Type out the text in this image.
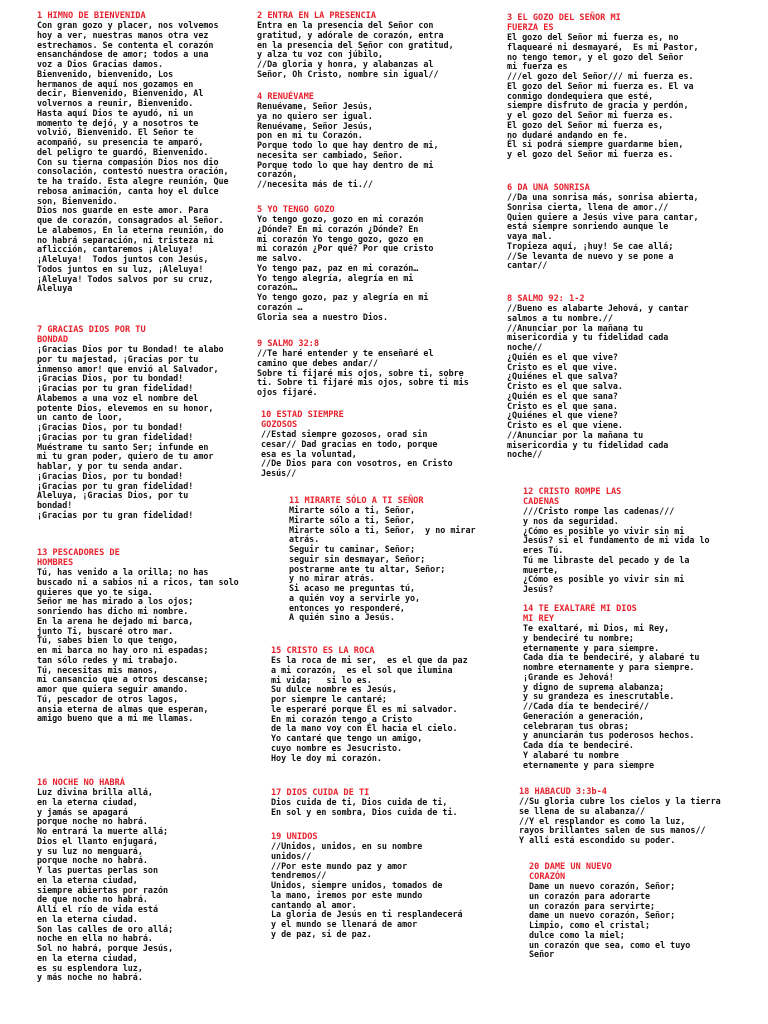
1 HIMNO DE BIENVENIDA
Con gran gozo y placer, nos volvemos
hoy a ver, nuestras manos otra vez
estrechamos. Se contenta el corazón
ensanchándose de amor; todos a una
voz a Dios Gracias damos.
Bienvenido, bienvenido, Los
hermanos de aquí nos gozamos en
decir, Bienvenido, Bienvenido, Al
volvernos a reunir, Bienvenido.
Hasta aquí Dios te ayudó, ni un
momento te dejó, y a nosotros te
volvió, Bienvenido. El Señor te
acompañó, su presencia te amparó,
del peligro te guardó, Bienvenido.
Con su tierna compasión Dios nos dio
consolación, contestó nuestra oración,
te ha traído. Esta alegre reunión, Que
rebosa animación, canta hoy el dulce
son, Bienvenido.
Dios nos guarde en este amor. Para
que de corazón, consagrados al Señor.
Le alabemos, En la eterna reunión, do
no habrá separación, ni tristeza ni
aflicción, cantaremos ¡Aleluya!
¡Aleluya!  Todos juntos con Jesús,
Todos juntos en su luz, ¡Aleluya!
¡Aleluya! Todos salvos por su cruz,
Aleluya
7 GRACIAS DIOS POR TU
BONDAD
¡Gracias Dios por tu Bondad! te alabo
por tu majestad, ¡Gracias por tu
inmenso amor! que envió al Salvador,
¡Gracias Dios, por tu bondad!
¡Gracias por tu gran fidelidad!
Alabemos a una voz el nombre del
potente Dios, elevemos en su honor,
un canto de loor,
¡Gracias Dios, por tu bondad!
¡Gracias por tu gran fidelidad!
Muéstrame tu santo Ser; infunde en
mi tu gran poder, quiero de tu amor
hablar, y por tu senda andar.
¡Gracias Dios, por tu bondad!
¡Gracias por tu gran fidelidad!
Aleluya, ¡Gracias Dios, por tu
bondad!
¡Gracias por tu gran fidelidad!
13 PESCADORES DE
HOMBRES
Tú, has venido a la orilla; no has
buscado ni a sabios ni a ricos, tan solo
quieres que yo te siga.
Señor me has mirado a los ojos;
sonriendo has dicho mi nombre.
En la arena he dejado mi barca,
junto Ti, buscaré otro mar.
Tú, sabes bien lo que tengo,
en mi barca no hay oro ni espadas;
tan sólo redes y mi trabajo.
Tú, necesitas mis manos,
mi cansancio que a otros descanse;
amor que quiera seguir amando.
Tú, pescador de otros lagos,
ansia eterna de almas que esperan,
amigo bueno que a mi me llamas.
16 NOCHE NO HABRÁ
Luz divina brilla allá,
en la eterna ciudad,
y jamás se apagará
porque noche no habrá.
No entrará la muerte allá;
Dios el llanto enjugará,
y su luz no menguará,
porque noche no habrá.
Y las puertas perlas son
en la eterna ciudad,
siempre abiertas por razón
de que noche no habrá.
Allí el río de vida está
en la eterna ciudad.
Son las calles de oro allá;
noche en ella no habrá.
Sol no habrá, porque Jesús,
en la eterna ciudad,
es su esplendora luz,
y más noche no habrá.
2 ENTRA EN LA PRESENCIA
Entra en la presencia del Señor con
gratitud, y adórale de corazón, entra
en la presencia del Señor con gratitud,
y alza tu voz con júbilo,
//Da gloria y honra, y alabanzas al
Señor, Oh Cristo, nombre sin igual//
4 RENUÉVAME
Renuévame, Señor Jesús,
ya no quiero ser igual.
Renuévame, Señor Jesús,
pon en mi tu Corazón.
Porque todo lo que hay dentro de mi,
necesita ser cambiado, Señor.
Porque todo lo que hay dentro de mi
corazón,
//necesita más de ti.//
5 YO TENGO GOZO
Yo tengo gozo, gozo en mi corazón
¿Dónde? En mi corazón ¿Dónde? En
mi corazón Yo tengo gozo, gozo en
mi corazón ¿Por qué? Por que cristo
me salvo.
Yo tengo paz, paz en mi corazón…
Yo tengo alegría, alegría en mi
corazón…
Yo tengo gozo, paz y alegría en mi
corazón …
Gloria sea a nuestro Dios.
9 SALMO 32:8
//Te haré entender y te enseñaré el
camino que debes andar//
Sobre ti fijaré mis ojos, sobre ti, sobre
ti. Sobre ti fijaré mis ojos, sobre ti mis
ojos fijaré.
10 ESTAD SIEMPRE
GOZOSOS
//Estad siempre gozosos, orad sin
cesar// Dad gracias en todo, porque
esa es la voluntad,
//De Dios para con vosotros, en Cristo
Jesús//
11 MIRARTE SÓLO A TI SEÑOR
Mirarte sólo a ti, Señor,
Mirarte sólo a ti, Señor,
Mirarte sólo a ti, Señor,  y no mirar
atrás.
Seguir tu caminar, Señor;
seguir sin desmayar, Señor;
postrarme ante tu altar, Señor;
y no mirar atrás.
Si acaso me preguntas tú,
a quién voy a servirle yo,
entonces yo responderé,
A quién sino a Jesús.
15 CRISTO ES LA ROCA
Es la roca de mi ser,  es el que da paz
a mi corazón,  es el sol que ilumina
mi vida;   si lo es.
Su dulce nombre es Jesús,
por siempre le cantaré;
le esperaré porque Él es mi salvador.
En mi corazón tengo a Cristo
de la mano voy con Él hacia el cielo.
Yo cantaré que tengo un amigo,
cuyo nombre es Jesucristo.
Hoy le doy mi corazón.
17 DIOS CUIDA DE TI
Dios cuida de ti, Dios cuida de ti,
En sol y en sombra, Dios cuida de ti.
19 UNIDOS
//Unidos, unidos, en su nombre
unidos//
//Por este mundo paz y amor
tendremos//
Unidos, siempre unidos, tomados de
la mano, iremos por este mundo
cantando al amor.
La gloria de Jesús en ti resplandecerá
y el mundo se llenará de amor
y de paz, si de paz.
3 EL GOZO DEL SEÑOR MI
FUERZA ES
El gozo del Señor mi fuerza es, no
flaquearé ni desmayaré,  Es mi Pastor,
no tengo temor, y el gozo del Señor
mi fuerza es
///el gozo del Señor/// mi fuerza es.
El gozo del Señor mi fuerza es. El va
conmigo dondequiera que esté,
siempre disfruto de gracia y perdón,
y el gozo del Señor mi fuerza es.
El gozo del Señor mi fuerza es,
no dudaré andando en fe.
Él si podrá siempre guardarme bien,
y el gozo del Señor mi fuerza es.
6 DA UNA SONRISA
//Da una sonrisa más, sonrisa abierta,
Sonrisa cierta, llena de amor.//
Quien quiere a Jesús vive para cantar,
está siempre sonriendo aunque le
vaya mal.
Tropieza aquí, ¡huy! Se cae allá;
//Se levanta de nuevo y se pone a
cantar//
8 SALMO 92: 1-2
//Bueno es alabarte Jehová, y cantar
salmos a tu nombre.//
//Anunciar por la mañana tu
misericordia y tu fidelidad cada
noche//
¿Quién es el que vive?
Cristo es el que vive.
¿Quiénes el que salva?
Cristo es el que salva.
¿Quién es el que sana?
Cristo es el que sana.
¿Quiénes el que viene?
Cristo es el que viene.
//Anunciar por la mañana tu
misericordia y tu fidelidad cada
noche//
12 CRISTO ROMPE LAS
CADENAS
///Cristo rompe las cadenas///
y nos da seguridad.
¿Cómo es posible yo vivir sin mi
Jesús? si el fundamento de mi vida lo
eres Tú.
Tú me libraste del pecado y de la
muerte,
¿Cómo es posible yo vivir sin mi
Jesús?
14 TE EXALTARÉ MI DIOS
MI REY
Te exaltaré, mi Dios, mi Rey,
y bendeciré tu nombre;
eternamente y para siempre.
Cada día te bendeciré, y alabaré tu
nombre eternamente y para siempre.
¡Grande es Jehová!
y digno de suprema alabanza;
y su grandeza es inescrutable.
//Cada día te bendeciré//
Generación a generación,
celebraran tus obras;
y anunciarán tus poderosos hechos.
Cada día te bendeciré.
Y alabaré tu nombre
eternamente y para siempre
18 HABACUD 3:3b-4
//Su gloria cubre los cielos y la tierra
se llena de su alabanza//
//Y el resplandor es como la luz,
rayos brillantes salen de sus manos//
Y allí está escondido su poder.
20 DAME UN NUEVO
CORAZÓN
Dame un nuevo corazón, Señor;
un corazón para adorarte
un corazón para servirte;
dame un nuevo corazón, Señor;
Limpio, como el cristal;
dulce como la miel;
un corazón que sea, como el tuyo
Señor
